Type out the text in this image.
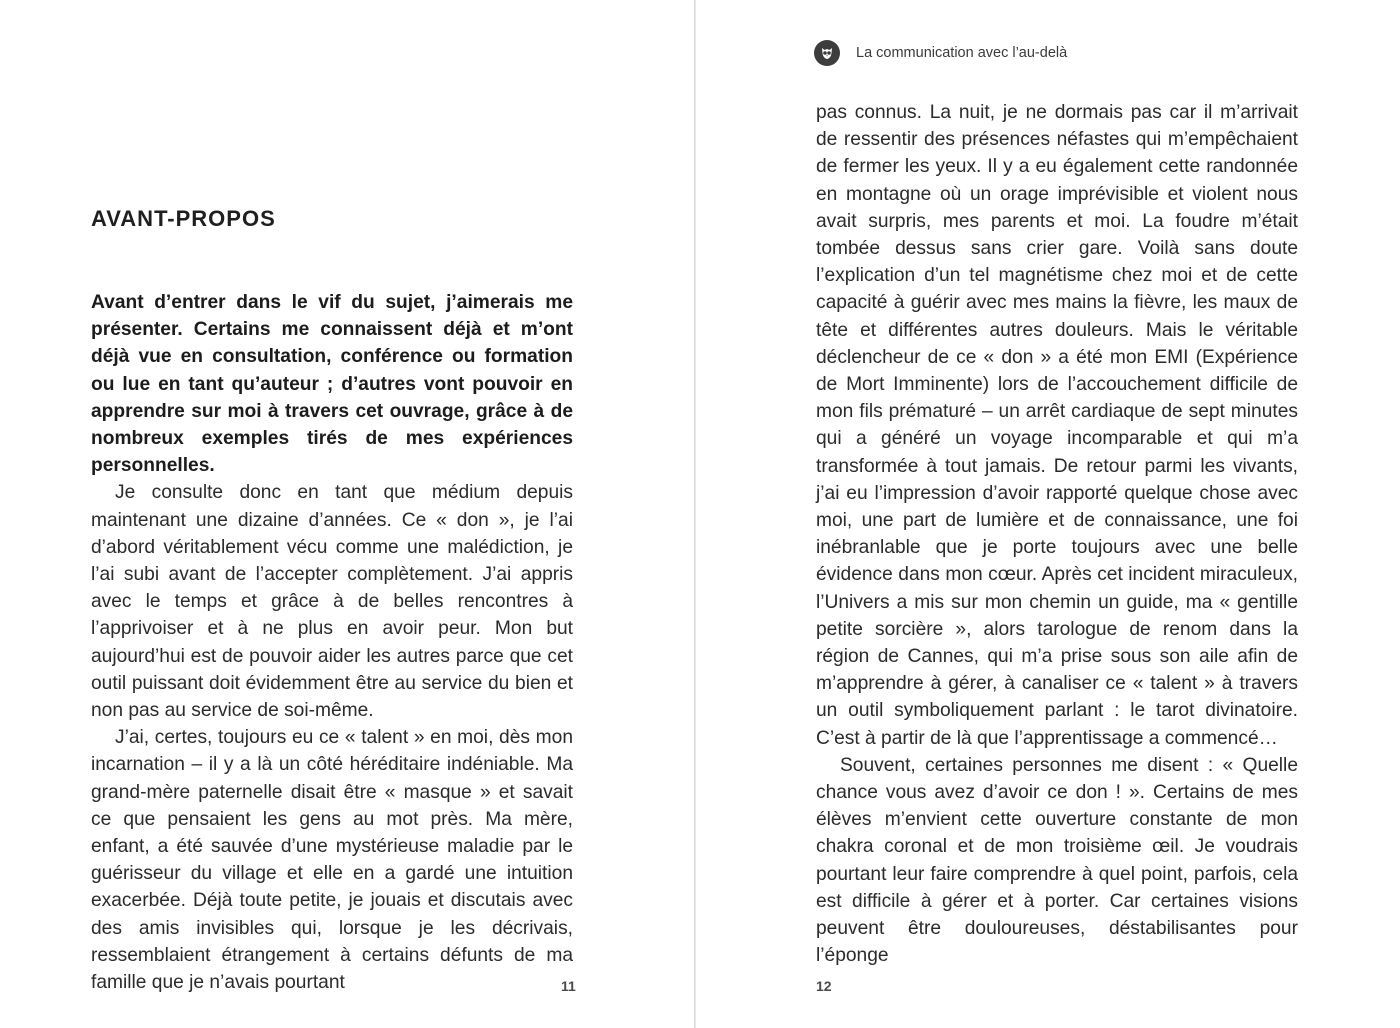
AVANT-PROPOS

Avant d’entrer dans le vif du sujet, j’aimerais me présenter. Certains me connaissent déjà et m’ont déjà vue en consultation, conférence ou formation ou lue en tant qu’auteur ; d’autres vont pouvoir en apprendre sur moi à travers cet ouvrage, grâce à de nombreux exemples tirés de mes expériences personnelles.

Je consulte donc en tant que médium depuis maintenant une dizaine d’années. Ce « don », je l’ai d’abord véritablement vécu comme une malédiction, je l’ai subi avant de l’accepter complètement. J’ai appris avec le temps et grâce à de belles rencontres à l’apprivoiser et à ne plus en avoir peur. Mon but aujourd’hui est de pouvoir aider les autres parce que cet outil puissant doit évidemment être au service du bien et non pas au service de soi-même.

J’ai, certes, toujours eu ce « talent » en moi, dès mon incarnation – il y a là un côté héréditaire indéniable. Ma grand-mère paternelle disait être « masque » et savait ce que pensaient les gens au mot près. Ma mère, enfant, a été sauvée d’une mystérieuse maladie par le guérisseur du village et elle en a gardé une intuition exacerbée. Déjà toute petite, je jouais et discutais avec des amis invisibles qui, lorsque je les décrivais, ressemblaient étrangement à certains défunts de ma famille que je n’avais pourtant	11
La communication avec l’au-delà

pas connus. La nuit, je ne dormais pas car il m’arrivait de ressentir des présences néfastes qui m’empêchaient de fermer les yeux. Il y a eu également cette randonnée en montagne où un orage imprévisible et violent nous avait surpris, mes parents et moi. La foudre m’était tombée dessus sans crier gare. Voilà sans doute l’explication d’un tel magnétisme chez moi et de cette capacité à guérir avec mes mains la fièvre, les maux de tête et différentes autres douleurs. Mais le véritable déclencheur de ce « don » a été mon EMI (Expérience de Mort Imminente) lors de l’accouchement difficile de mon fils prématuré – un arrêt cardiaque de sept minutes qui a généré un voyage incomparable et qui m’a transformée à tout jamais. De retour parmi les vivants, j’ai eu l’impression d’avoir rapporté quelque chose avec moi, une part de lumière et de connaissance, une foi inébranlable que je porte toujours avec une belle évidence dans mon cœur. Après cet incident miraculeux, l’Univers a mis sur mon chemin un guide, ma « gentille petite sorcière », alors tarologue de renom dans la région de Cannes, qui m’a prise sous son aile afin de m’apprendre à gérer, à canaliser ce « talent » à travers un outil symboliquement parlant : le tarot divinatoire. C’est à partir de là que l’apprentissage a commencé…

Souvent, certaines personnes me disent : « Quelle chance vous avez d’avoir ce don ! ». Certains de mes élèves m’envient cette ouverture constante de mon chakra coronal et de mon troisième œil. Je voudrais pourtant leur faire comprendre à quel point, parfois, cela est difficile à gérer et à porter. Car certaines visions peuvent être douloureuses, déstabilisantes pour l’éponge

12
